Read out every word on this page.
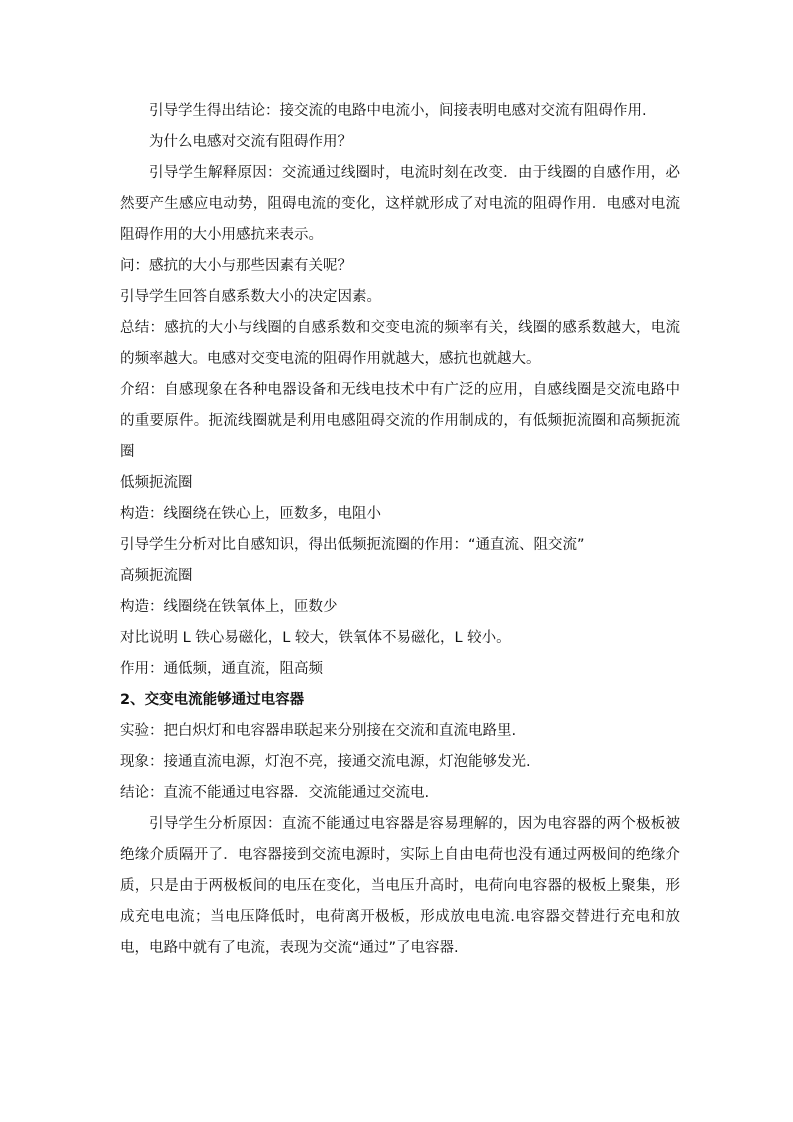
引导学生得出结论：接交流的电路中电流小，间接表明电感对交流有阻碍作用.

为什么电感对交流有阻碍作用？

引导学生解释原因：交流通过线圈时，电流时刻在改变．由于线圈的自感作用，必然要产生感应电动势，阻碍电流的变化，这样就形成了对电流的阻碍作用．电感对电流阻碍作用的大小用感抗来表示。

问：感抗的大小与那些因素有关呢？

引导学生回答自感系数大小的决定因素。

总结：感抗的大小与线圈的自感系数和交变电流的频率有关，线圈的感系数越大，电流的频率越大。电感对交变电流的阻碍作用就越大，感抗也就越大。

介绍：自感现象在各种电器设备和无线电技术中有广泛的应用，自感线圈是交流电路中的重要原件。扼流线圈就是利用电感阻碍交流的作用制成的，有低频扼流圈和高频扼流圈

低频扼流圈

构造：线圈绕在铁心上，匝数多，电阻小

引导学生分析对比自感知识，得出低频扼流圈的作用：“通直流、阻交流”

高频扼流圈

构造：线圈绕在铁氧体上，匝数少

对比说明 L 铁心易磁化，L 较大，铁氧体不易磁化，L 较小。

作用：通低频，通直流，阻高频

2、交变电流能够通过电容器

实验：把白炽灯和电容器串联起来分别接在交流和直流电路里.

现象：接通直流电源，灯泡不亮，接通交流电源，灯泡能够发光.

结论：直流不能通过电容器．交流能通过交流电.

引导学生分析原因：直流不能通过电容器是容易理解的，因为电容器的两个极板被绝缘介质隔开了．电容器接到交流电源时，实际上自由电荷也没有通过两极间的绝缘介质，只是由于两极板间的电压在变化，当电压升高时，电荷向电容器的极板上聚集，形成充电电流；当电压降低时，电荷离开极板，形成放电电流.电容器交替进行充电和放电，电路中就有了电流，表现为交流“通过”了电容器.
